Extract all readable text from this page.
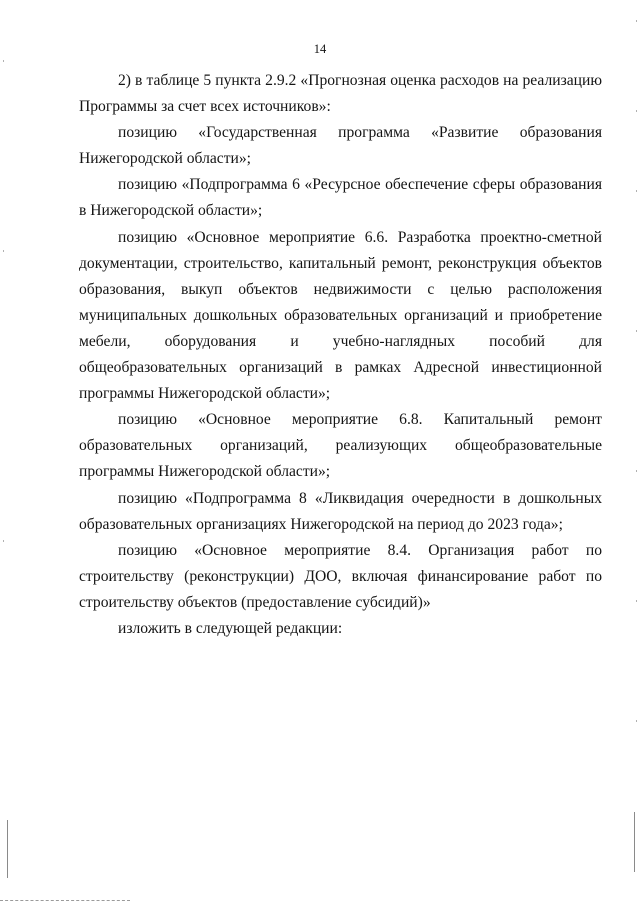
14

2) в таблице 5 пункта 2.9.2 «Прогнозная оценка расходов на реализацию Программы за счет всех источников»:

позицию «Государственная программа «Развитие образования Нижегородской области»;

позицию «Подпрограмма 6 «Ресурсное обеспечение сферы образования в Нижегородской области»;

позицию «Основное мероприятие 6.6. Разработка проектно-сметной документации, строительство, капитальный ремонт, реконструкция объектов образования, выкуп объектов недвижимости с целью расположения муниципальных дошкольных образовательных организаций и приобретение мебели, оборудования и учебно-наглядных пособий для общеобразовательных организаций в рамках Адресной инвестиционной программы Нижегородской области»;

позицию «Основное мероприятие 6.8. Капитальный ремонт образовательных организаций, реализующих общеобразовательные программы Нижегородской области»;

позицию «Подпрограмма 8 «Ликвидация очередности в дошкольных образовательных организациях Нижегородской на период до 2023 года»;

позицию «Основное мероприятие 8.4. Организация работ по строительству (реконструкции) ДОО, включая финансирование работ по строительству объектов (предоставление субсидий)»

изложить в следующей редакции:
